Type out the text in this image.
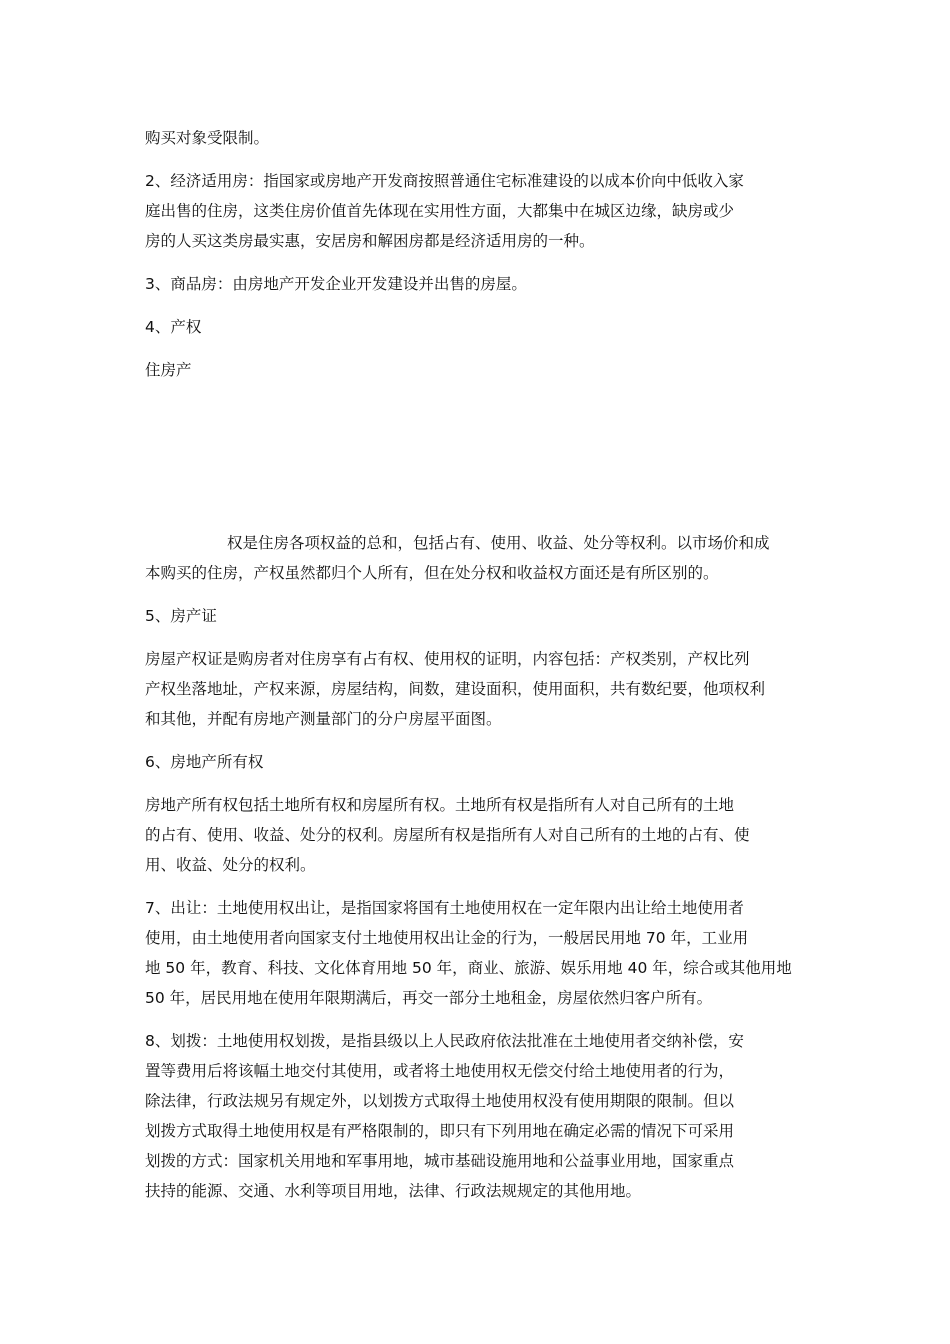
购买对象受限制。
2、经济适用房：指国家或房地产开发商按照普通住宅标准建设的以成本价向中低收入家
庭出售的住房，这类住房价值首先体现在实用性方面，大都集中在城区边缘，缺房或少
房的人买这类房最实惠，安居房和解困房都是经济适用房的一种。
3、商品房：由房地产开发企业开发建设并出售的房屋。
4、产权
住房产
权是住房各项权益的总和，包括占有、使用、收益、处分等权利。以市场价和成
本购买的住房，产权虽然都归个人所有，但在处分权和收益权方面还是有所区别的。
5、房产证
房屋产权证是购房者对住房享有占有权、使用权的证明，内容包括：产权类别，产权比列
产权坐落地址，产权来源，房屋结构，间数，建设面积，使用面积，共有数纪要，他项权利
和其他，并配有房地产测量部门的分户房屋平面图。
6、房地产所有权
房地产所有权包括土地所有权和房屋所有权。土地所有权是指所有人对自己所有的土地
的占有、使用、收益、处分的权利。房屋所有权是指所有人对自己所有的土地的占有、使
用、收益、处分的权利。
7、出让：土地使用权出让，是指国家将国有土地使用权在一定年限内出让给土地使用者
使用，由土地使用者向国家支付土地使用权出让金的行为，一般居民用地 70 年，工业用
地 50 年，教育、科技、文化体育用地 50 年，商业、旅游、娱乐用地 40 年，综合或其他用地
50 年，居民用地在使用年限期满后，再交一部分土地租金，房屋依然归客户所有。
8、划拨：土地使用权划拨，是指县级以上人民政府依法批准在土地使用者交纳补偿，安
置等费用后将该幅土地交付其使用，或者将土地使用权无偿交付给土地使用者的行为，
除法律，行政法规另有规定外，以划拨方式取得土地使用权没有使用期限的限制。但以
划拨方式取得土地使用权是有严格限制的，即只有下列用地在确定必需的情况下可采用
划拨的方式：国家机关用地和军事用地，城市基础设施用地和公益事业用地，国家重点
扶持的能源、交通、水利等项目用地，法律、行政法规规定的其他用地。
